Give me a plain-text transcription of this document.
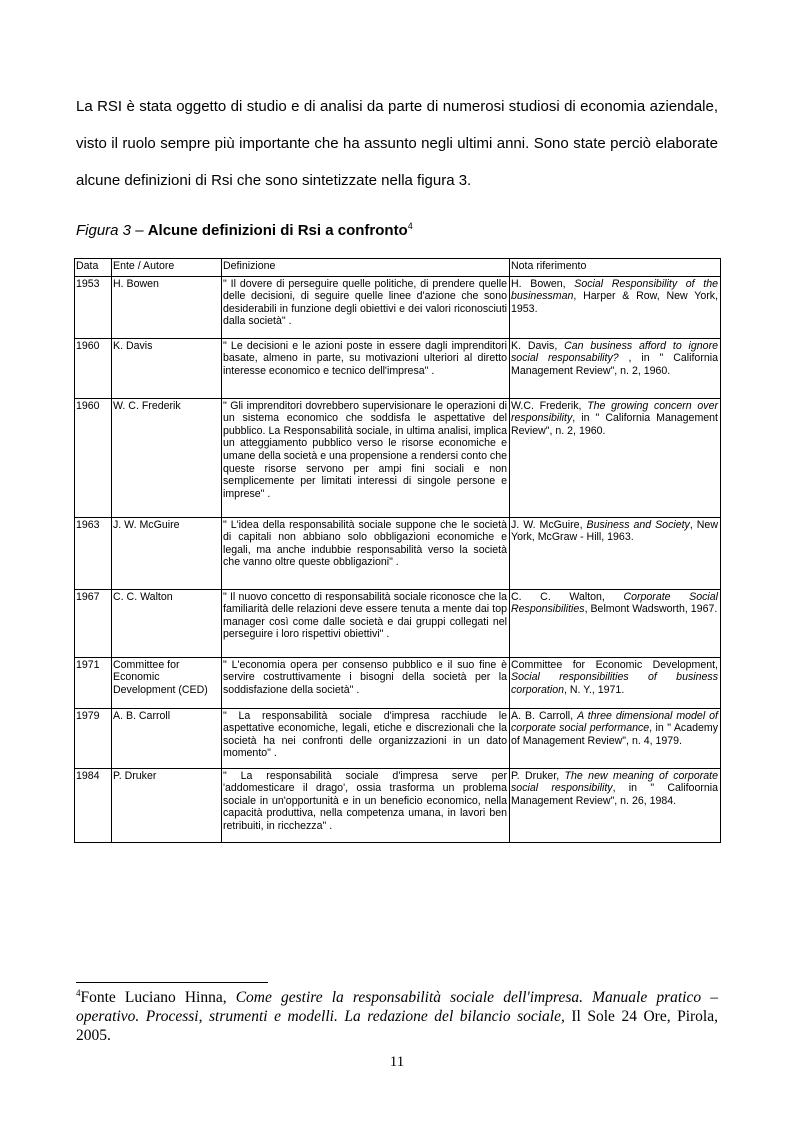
La RSI è stata oggetto di studio e di analisi da parte di numerosi studiosi di economia aziendale, visto il ruolo sempre più importante che ha assunto negli ultimi anni. Sono state perciò elaborate alcune definizioni di Rsi che sono sintetizzate nella figura 3.

Figura 3 – Alcune definizioni di Rsi a confronto$^4$

Data	Ente / Autore	Definizione	Nota riferimento
1953	H. Bowen	" Il dovere di perseguire quelle politiche, di prendere quelle delle decisioni, di seguire quelle linee d'azione che sono desiderabili in funzione degli obiettivi e dei valori riconosciuti dalla società" .	H. Bowen, Social Responsibility of the businessman, Harper & Row, New York, 1953.
1960	K. Davis	" Le decisioni e le azioni poste in essere dagli imprenditori basate, almeno in parte, su motivazioni ulteriori al diretto interesse economico e tecnico dell'impresa" .	K. Davis, Can business afford to ignore social responsability? , in " California Management Review", n. 2, 1960.
1960	W. C. Frederik	" Gli imprenditori dovrebbero supervisionare le operazioni di un sistema economico che soddisfa le aspettative del pubblico. La Responsabilità sociale, in ultima analisi, implica un atteggiamento pubblico verso le risorse economiche e umane della società e una propensione a rendersi conto che queste risorse servono per ampi fini sociali e non semplicemente per limitati interessi di singole persone e imprese" .	W.C. Frederik, The growing concern over responsibility, in " California Management Review", n. 2, 1960.
1963	J. W. McGuire	" L'idea della responsabilità sociale suppone che le società di capitali non abbiano solo obbligazioni economiche e legali, ma anche indubbie responsabilità verso la società che vanno oltre queste obbligazioni" .	J. W. McGuire, Business and Society, New York, McGraw - Hill, 1963.
1967	C. C. Walton	" Il nuovo concetto di responsabilità sociale riconosce che la familiarità delle relazioni deve essere tenuta a mente dai top manager così come dalle società e dai gruppi collegati nel perseguire i loro rispettivi obiettivi" .	C. C. Walton, Corporate Social Responsibilities, Belmont Wadsworth, 1967.
1971	Committee for Economic Development (CED)	" L'economia opera per consenso pubblico e il suo fine è servire costruttivamente i bisogni della società per la soddisfazione della società" .	Committee for Economic Development, Social responsibilities of business corporation, N. Y., 1971.
1979	A. B. Carroll	" La responsabilità sociale d'impresa racchiude le aspettative economiche, legali, etiche e discrezionali che la società ha nei confronti delle organizzazioni in un dato momento" .	A. B. Carroll, A three dimensional model of corporate social performance, in " Academy of Management Review", n. 4, 1979.
1984	P. Druker	" La responsabilità sociale d'impresa serve per 'addomesticare il drago', ossia trasforma un problema sociale in un'opportunità e in un beneficio economico, nella capacità produttiva, nella competenza umana, in lavori ben retribuiti, in ricchezza" .	P. Druker, The new meaning of corporate social responsibility, in " Califoornia Management Review", n. 26, 1984.

$^4$Fonte Luciano Hinna, Come gestire la responsabilità sociale dell'impresa. Manuale pratico – operativo. Processi, strumenti e modelli. La redazione del bilancio sociale, Il Sole 24 Ore, Pirola, 2005.

11
